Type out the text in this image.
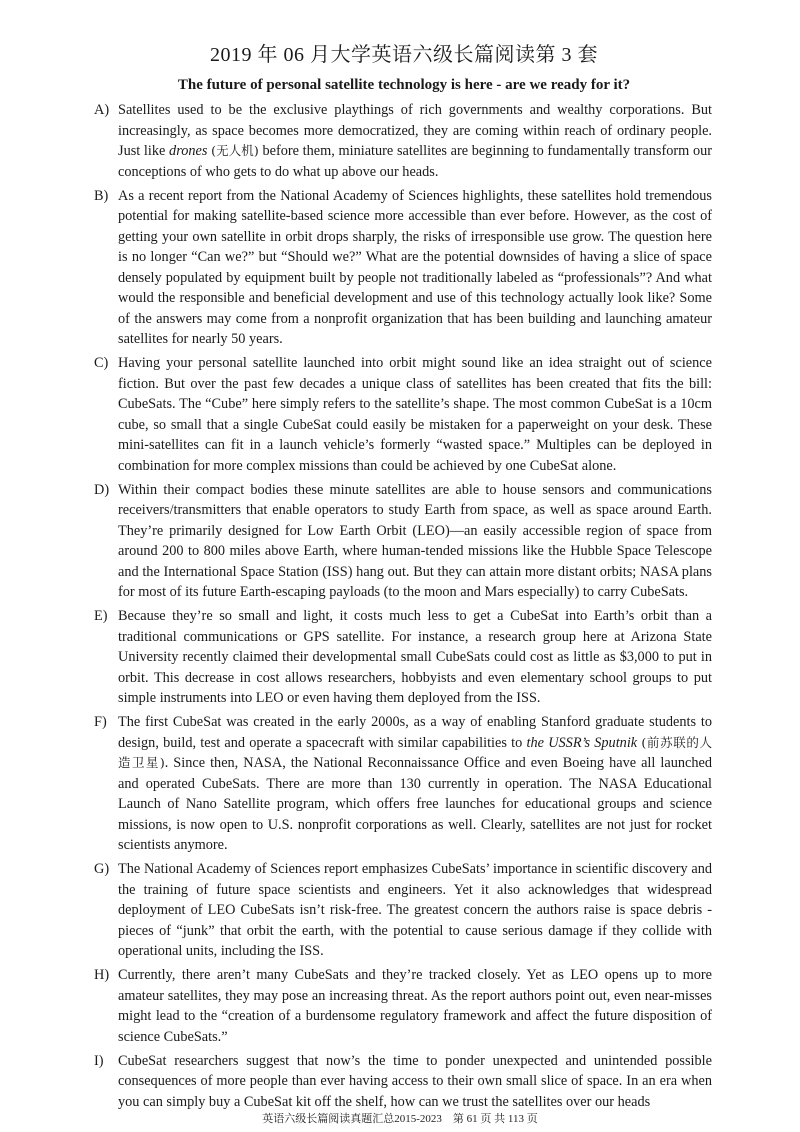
2019 年 06 月大学英语六级长篇阅读第 3 套
The future of personal satellite technology is here - are we ready for it?
A) Satellites used to be the exclusive playthings of rich governments and wealthy corporations. But increasingly, as space becomes more democratized, they are coming within reach of ordinary people. Just like drones (无人机) before them, miniature satellites are beginning to fundamentally transform our conceptions of who gets to do what up above our heads.
B) As a recent report from the National Academy of Sciences highlights, these satellites hold tremendous potential for making satellite-based science more accessible than ever before. However, as the cost of getting your own satellite in orbit drops sharply, the risks of irresponsible use grow. The question here is no longer “Can we?” but “Should we?” What are the potential downsides of having a slice of space densely populated by equipment built by people not traditionally labeled as “professionals”? And what would the responsible and beneficial development and use of this technology actually look like? Some of the answers may come from a nonprofit organization that has been building and launching amateur satellites for nearly 50 years.
C) Having your personal satellite launched into orbit might sound like an idea straight out of science fiction. But over the past few decades a unique class of satellites has been created that fits the bill: CubeSats. The “Cube” here simply refers to the satellite’s shape. The most common CubeSat is a 10cm cube, so small that a single CubeSat could easily be mistaken for a paperweight on your desk. These mini-satellites can fit in a launch vehicle’s formerly “wasted space.” Multiples can be deployed in combination for more complex missions than could be achieved by one CubeSat alone.
D) Within their compact bodies these minute satellites are able to house sensors and communications receivers/transmitters that enable operators to study Earth from space, as well as space around Earth. They’re primarily designed for Low Earth Orbit (LEO)—an easily accessible region of space from around 200 to 800 miles above Earth, where human-tended missions like the Hubble Space Telescope and the International Space Station (ISS) hang out. But they can attain more distant orbits; NASA plans for most of its future Earth-escaping payloads (to the moon and Mars especially) to carry CubeSats.
E) Because they’re so small and light, it costs much less to get a CubeSat into Earth’s orbit than a traditional communications or GPS satellite. For instance, a research group here at Arizona State University recently claimed their developmental small CubeSats could cost as little as $3,000 to put in orbit. This decrease in cost allows researchers, hobbyists and even elementary school groups to put simple instruments into LEO or even having them deployed from the ISS.
F) The first CubeSat was created in the early 2000s, as a way of enabling Stanford graduate students to design, build, test and operate a spacecraft with similar capabilities to the USSR’s Sputnik (前苏联的人造卫星). Since then, NASA, the National Reconnaissance Office and even Boeing have all launched and operated CubeSats. There are more than 130 currently in operation. The NASA Educational Launch of Nano Satellite program, which offers free launches for educational groups and science missions, is now open to U.S. nonprofit corporations as well. Clearly, satellites are not just for rocket scientists anymore.
G) The National Academy of Sciences report emphasizes CubeSats’ importance in scientific discovery and the training of future space scientists and engineers. Yet it also acknowledges that widespread deployment of LEO CubeSats isn’t risk-free. The greatest concern the authors raise is space debris - pieces of “junk” that orbit the earth, with the potential to cause serious damage if they collide with operational units, including the ISS.
H) Currently, there aren’t many CubeSats and they’re tracked closely. Yet as LEO opens up to more amateur satellites, they may pose an increasing threat. As the report authors point out, even near-misses might lead to the “creation of a burdensome regulatory framework and affect the future disposition of science CubeSats.”
I) CubeSat researchers suggest that now’s the time to ponder unexpected and unintended possible consequences of more people than ever having access to their own small slice of space. In an era when you can simply buy a CubeSat kit off the shelf, how can we trust the satellites over our heads
英语六级长篇阅读真题汇总2015-2023　第 61 页 共 113 页
